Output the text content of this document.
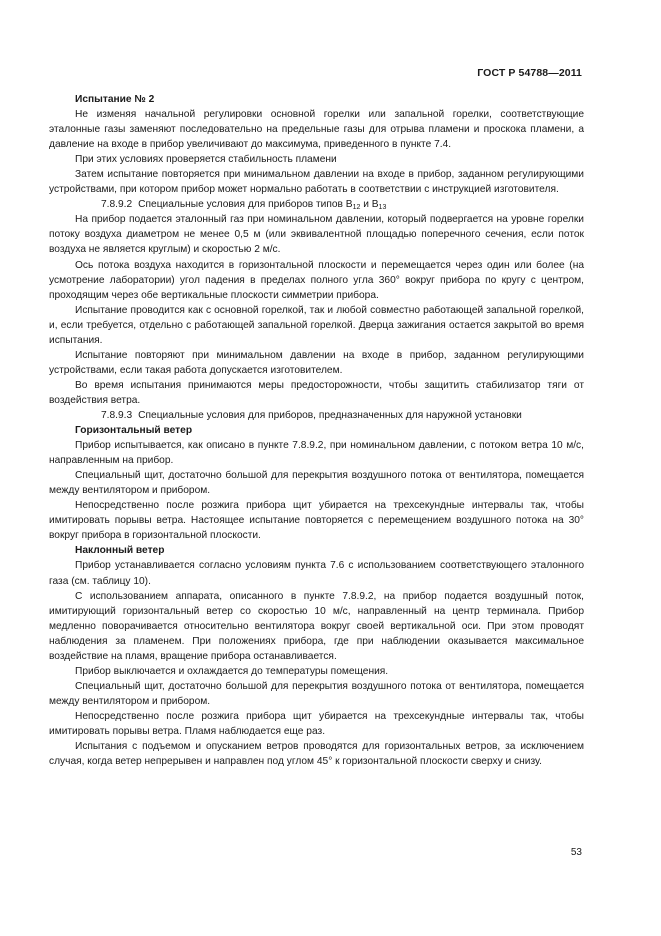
ГОСТ Р 54788—2011

Испытание № 2

Не изменяя начальной регулировки основной горелки или запальной горелки, соответствующие эталонные газы заменяют последовательно на предельные газы для отрыва пламени и проскока пламени, а давление на входе в прибор увеличивают до максимума, приведенного в пункте 7.4.

При этих условиях проверяется стабильность пламени

Затем испытание повторяется при минимальном давлении на входе в прибор, заданном регулирующими устройствами, при котором прибор может нормально работать в соответствии с инструкцией изготовителя.

7.8.9.2 Специальные условия для приборов типов $B_{12}$ и $B_{13}$

На прибор подается эталонный газ при номинальном давлении, который подвергается на уровне горелки потоку воздуха диаметром не менее 0,5 м (или эквивалентной площадью поперечного сечения, если поток воздуха не является круглым) и скоростью 2 м/с.

Ось потока воздуха находится в горизонтальной плоскости и перемещается через один или более (на усмотрение лаборатории) угол падения в пределах полного угла 360° вокруг прибора по кругу с центром, проходящим через обе вертикальные плоскости симметрии прибора.

Испытание проводится как с основной горелкой, так и любой совместно работающей запальной горелкой, и, если требуется, отдельно с работающей запальной горелкой. Дверца зажигания остается закрытой во время испытания.

Испытание повторяют при минимальном давлении на входе в прибор, заданном регулирующими устройствами, если такая работа допускается изготовителем.

Во время испытания принимаются меры предосторожности, чтобы защитить стабилизатор тяги от воздействия ветра.

7.8.9.3 Специальные условия для приборов, предназначенных для наружной установки

Горизонтальный ветер

Прибор испытывается, как описано в пункте 7.8.9.2, при номинальном давлении, с потоком ветра 10 м/с, направленным на прибор.

Специальный щит, достаточно большой для перекрытия воздушного потока от вентилятора, помещается между вентилятором и прибором.

Непосредственно после розжига прибора щит убирается на трехсекундные интервалы так, чтобы имитировать порывы ветра. Настоящее испытание повторяется с перемещением воздушного потока на 30° вокруг прибора в горизонтальной плоскости.

Наклонный ветер

Прибор устанавливается согласно условиям пункта 7.6 с использованием соответствующего эталонного газа (см. таблицу 10).

С использованием аппарата, описанного в пункте 7.8.9.2, на прибор подается воздушный поток, имитирующий горизонтальный ветер со скоростью 10 м/с, направленный на центр терминала. Прибор медленно поворачивается относительно вентилятора вокруг своей вертикальной оси. При этом проводят наблюдения за пламенем. При положениях прибора, где при наблюдении оказывается максимальное воздействие на пламя, вращение прибора останавливается.

Прибор выключается и охлаждается до температуры помещения.

Специальный щит, достаточно большой для перекрытия воздушного потока от вентилятора, помещается между вентилятором и прибором.

Непосредственно после розжига прибора щит убирается на трехсекундные интервалы так, чтобы имитировать порывы ветра. Пламя наблюдается еще раз.

Испытания с подъемом и опусканием ветров проводятся для горизонтальных ветров, за исключением случая, когда ветер непрерывен и направлен под углом 45° к горизонтальной плоскости сверху и снизу.

53
